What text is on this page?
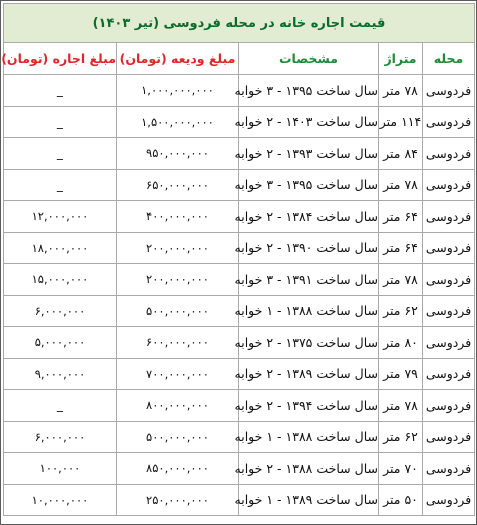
قیمت اجاره خانه در محله فردوسی (تیر ۱۴۰۳)				
محله	متراژ	مشخصات	مبلغ ودیعه (تومان)	مبلغ اجاره (تومان)
فردوسی	۷۸ متر	سال ساخت ۱۳۹۵ - ۳ خوابه	۱,۰۰۰,۰۰۰,۰۰۰	_
فردوسی	۱۱۴ متر	سال ساخت ۱۴۰۳ - ۲ خوابه	۱,۵۰۰,۰۰۰,۰۰۰	_
فردوسی	۸۴ متر	سال ساخت ۱۳۹۳ - ۲ خوابه	۹۵۰,۰۰۰,۰۰۰	_
فردوسی	۷۸ متر	سال ساخت ۱۳۹۵ - ۳ خوابه	۶۵۰,۰۰۰,۰۰۰	_
فردوسی	۶۴ متر	سال ساخت ۱۳۸۴ - ۲ خوابه	۴۰۰,۰۰۰,۰۰۰	۱۲,۰۰۰,۰۰۰
فردوسی	۶۴ متر	سال ساخت ۱۳۹۰ - ۲ خوابه	۲۰۰,۰۰۰,۰۰۰	۱۸,۰۰۰,۰۰۰
فردوسی	۷۸ متر	سال ساخت ۱۳۹۱ - ۳ خوابه	۲۰۰,۰۰۰,۰۰۰	۱۵,۰۰۰,۰۰۰
فردوسی	۶۲ متر	سال ساخت ۱۳۸۸ - ۱ خوابه	۵۰۰,۰۰۰,۰۰۰	۶,۰۰۰,۰۰۰
فردوسی	۸۰ متر	سال ساخت ۱۳۷۵ - ۲ خوابه	۶۰۰,۰۰۰,۰۰۰	۵,۰۰۰,۰۰۰
فردوسی	۷۹ متر	سال ساخت ۱۳۸۹ - ۲ خوابه	۷۰۰,۰۰۰,۰۰۰	۹,۰۰۰,۰۰۰
فردوسی	۷۸ متر	سال ساخت ۱۳۹۴ - ۲ خوابه	۸۰۰,۰۰۰,۰۰۰	_
فردوسی	۶۲ متر	سال ساخت ۱۳۸۸ - ۱ خوابه	۵۰۰,۰۰۰,۰۰۰	۶,۰۰۰,۰۰۰
فردوسی	۷۰ متر	سال ساخت ۱۳۸۸ - ۲ خوابه	۸۵۰,۰۰۰,۰۰۰	۱۰۰,۰۰۰
فردوسی	۵۰ متر	سال ساخت ۱۳۸۹ - ۱ خوابه	۲۵۰,۰۰۰,۰۰۰	۱۰,۰۰۰,۰۰۰
